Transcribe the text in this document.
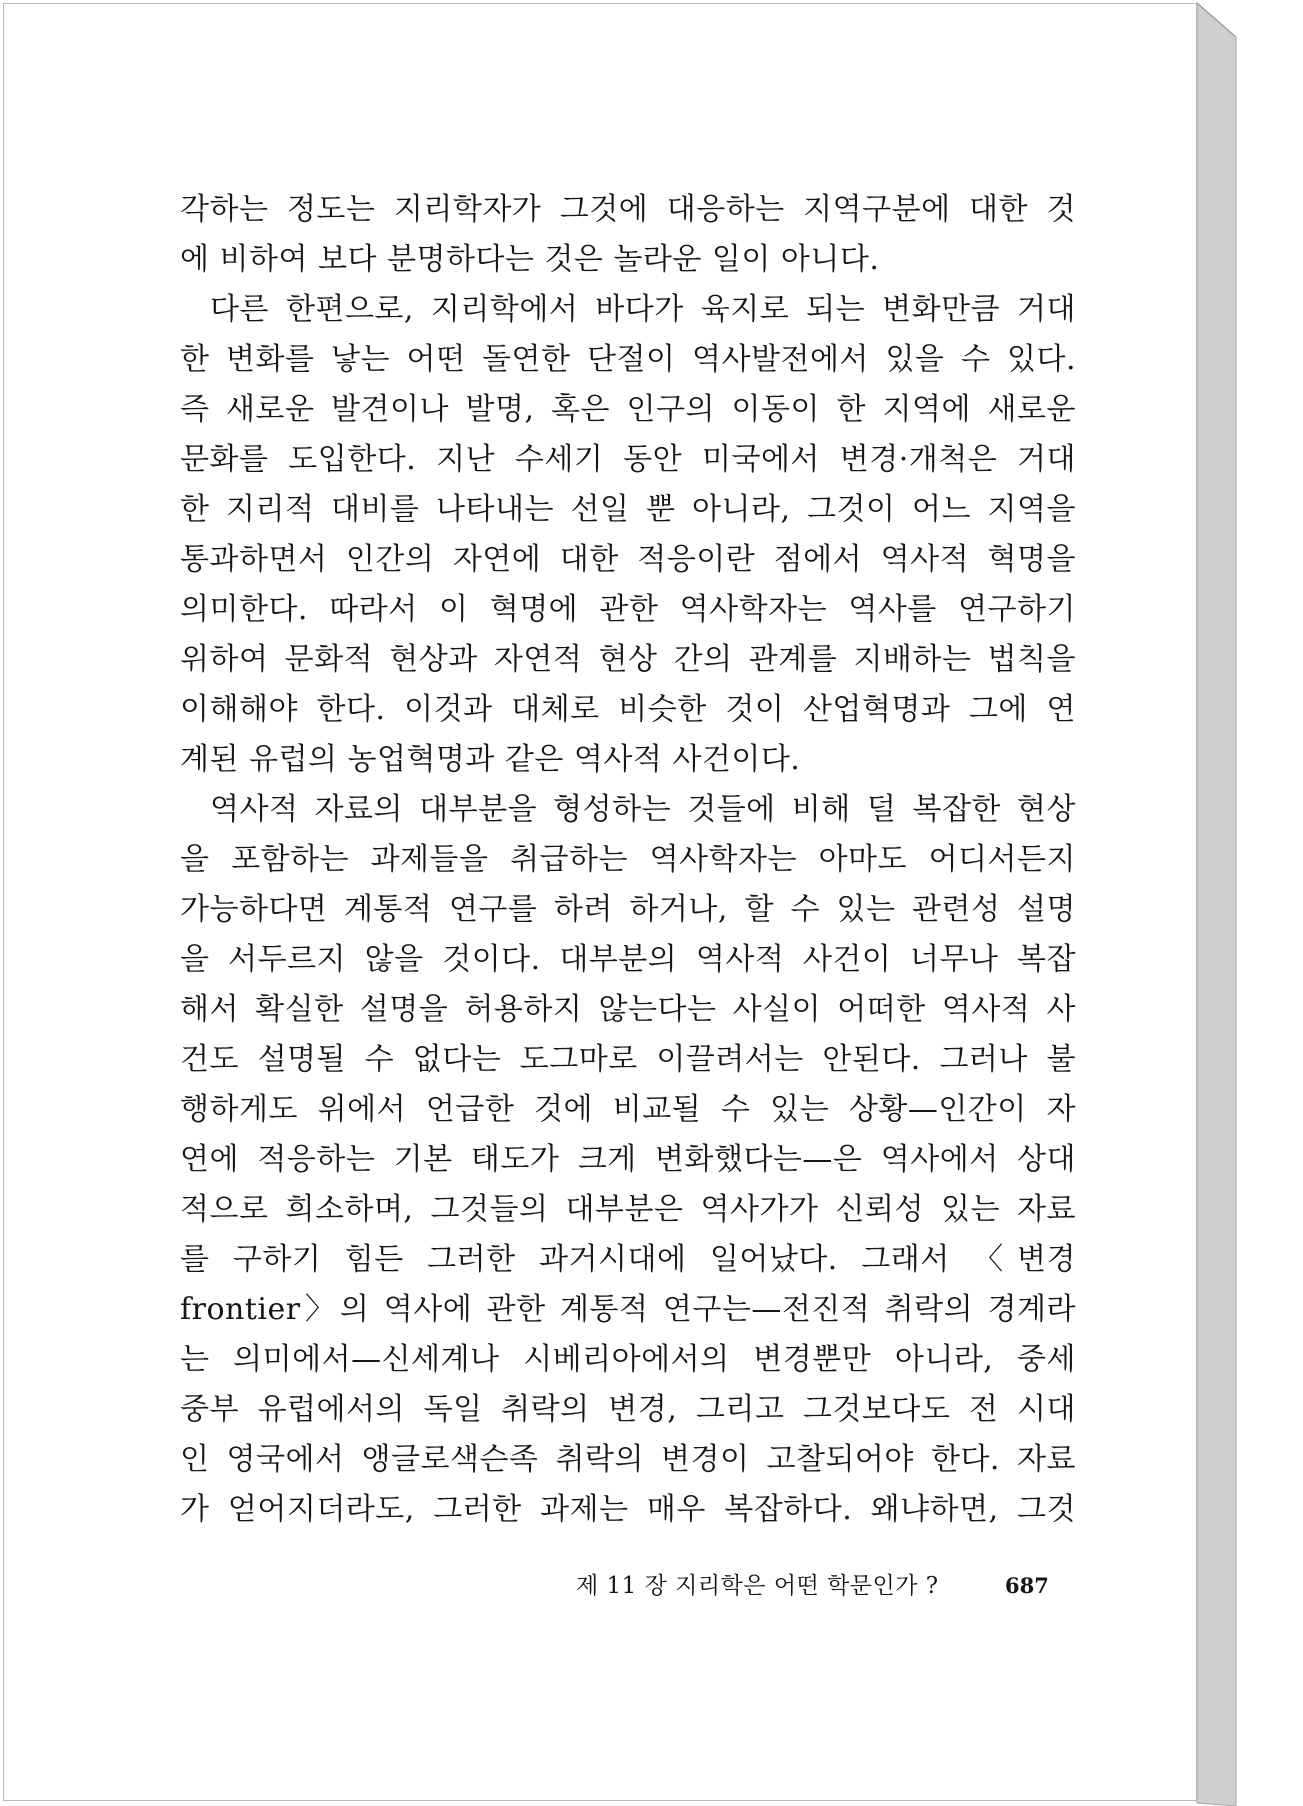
각하는 정도는 지리학자가 그것에 대응하는 지역구분에 대한 것
에 비하여 보다 분명하다는 것은 놀라운 일이 아니다.
다른 한편으로, 지리학에서 바다가 육지로 되는 변화만큼 거대
한 변화를 낳는 어떤 돌연한 단절이 역사발전에서 있을 수 있다.
즉 새로운 발견이나 발명, 혹은 인구의 이동이 한 지역에 새로운
문화를 도입한다. 지난 수세기 동안 미국에서 변경·개척은 거대
한 지리적 대비를 나타내는 선일 뿐 아니라, 그것이 어느 지역을
통과하면서 인간의 자연에 대한 적응이란 점에서 역사적 혁명을
의미한다. 따라서 이 혁명에 관한 역사학자는 역사를 연구하기
위하여 문화적 현상과 자연적 현상 간의 관계를 지배하는 법칙을
이해해야 한다. 이것과 대체로 비슷한 것이 산업혁명과 그에 연
계된 유럽의 농업혁명과 같은 역사적 사건이다.
역사적 자료의 대부분을 형성하는 것들에 비해 덜 복잡한 현상
을 포함하는 과제들을 취급하는 역사학자는 아마도 어디서든지
가능하다면 계통적 연구를 하려 하거나, 할 수 있는 관련성 설명
을 서두르지 않을 것이다. 대부분의 역사적 사건이 너무나 복잡
해서 확실한 설명을 허용하지 않는다는 사실이 어떠한 역사적 사
건도 설명될 수 없다는 도그마로 이끌려서는 안된다. 그러나 불
행하게도 위에서 언급한 것에 비교될 수 있는 상황—인간이 자
연에 적응하는 기본 태도가 크게 변화했다는—은 역사에서 상대
적으로 희소하며, 그것들의 대부분은 역사가가 신뢰성 있는 자료
를 구하기 힘든 그러한 과거시대에 일어났다. 그래서 〈변경
frontier〉의 역사에 관한 계통적 연구는—전진적 취락의 경계라
는 의미에서—신세계나 시베리아에서의 변경뿐만 아니라, 중세
중부 유럽에서의 독일 취락의 변경, 그리고 그것보다도 전 시대
인 영국에서 앵글로색슨족 취락의 변경이 고찰되어야 한다. 자료
가 얻어지더라도, 그러한 과제는 매우 복잡하다. 왜냐하면, 그것
제 11 장 지리학은 어떤 학문인가 ?	687
